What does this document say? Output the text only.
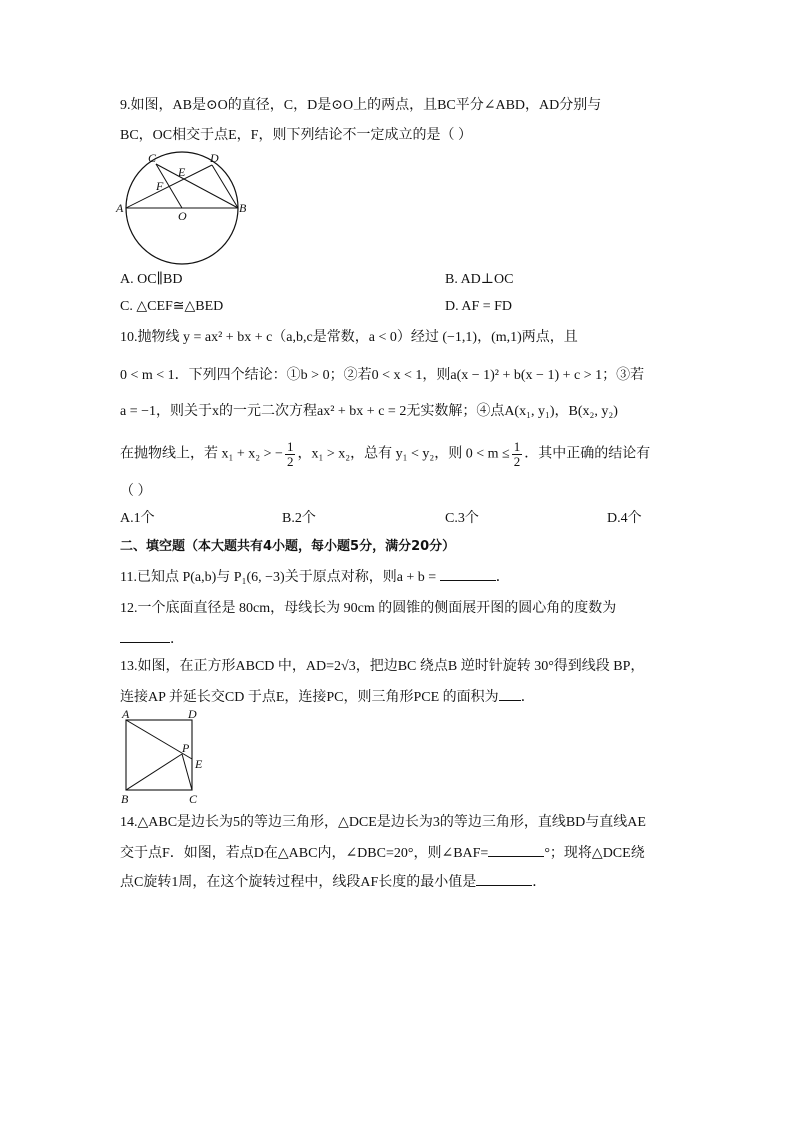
9.如图，AB是⊙O的直径，C，D是⊙O上的两点，且BC平分∠ABD，AD分别与
BC，OC相交于点E，F，则下列结论不一定成立的是（ ）
C	D
E
F
A	B
O
A. OC∥BD	B. AD⊥OC
C. △CEF≅△BED	D. AF = FD
10.抛物线 y = ax² + bx + c（a,b,c是常数，a < 0）经过 (−1,1)，(m,1)两点，且
0 < m < 1．下列四个结论：①b > 0；②若0 < x < 1，则a(x − 1)² + b(x − 1) + c > 1；③若
a = −1，则关于x的一元二次方程ax² + bx + c = 2无实数解；④点A(x₁, y₁)，B(x₂, y₂)
在抛物线上，若 x₁ + x₂ > − $\frac{1}{2}$ ，x₁ > x₂，总有 y₁ < y₂，则 $0 < m \le \frac{1}{2}$ ．其中正确的结论有
（ ）
A.1个	B.2个	C.3个	D.4个
二、填空题（本大题共有4小题，每小题5分，满分20分）
11.已知点 P(a,b)与 P₁(6, −3)关于原点对称，则a + b =	．
12.一个底面直径是 80cm，母线长为 90cm 的圆锥的侧面展开图的圆心角的度数为
．
13.如图，在正方形ABCD 中，AD=2√3，把边BC 绕点B 逆时针旋转 30°得到线段 BP，
连接AP 并延长交CD 于点E，连接PC，则三角形PCE 的面积为 ．
A	D
P
E
B	C
14.△ABC是边长为5的等边三角形，△DCE是边长为3的等边三角形，直线BD与直线AE
交于点F．如图，若点D在△ABC内，∠DBC=20°，则∠BAF=	°；现将△DCE绕
点C旋转1周，在这个旋转过程中，线段AF长度的最小值是	．
